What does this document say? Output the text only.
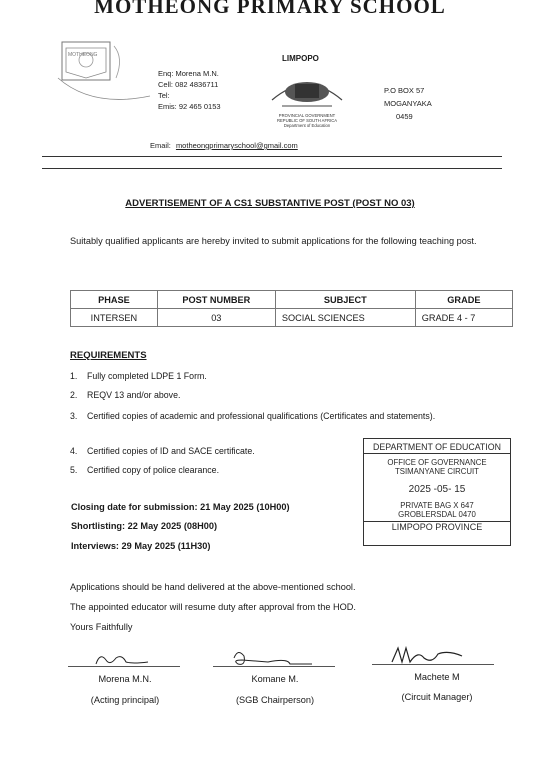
MOTHEONG PRIMARY SCHOOL
MOTHEONG
Enq: Morena M.N.
Cell: 082 4836711
Tel:
Emis: 92 465 0153
LIMPOPO
PROVINCIAL GOVERNMENT
REPUBLIC OF SOUTH AFRICA
Department of Education
P.O BOX 57
MOGANYAKA
0459
Email: motheongprimaryschool@gmail.com
ADVERTISEMENT OF A CS1 SUBSTANTIVE POST (POST NO 03)
Suitably qualified applicants are hereby invited to submit applications for the following teaching post.
PHASE	POST NUMBER	SUBJECT	GRADE
INTERSEN	03	SOCIAL SCIENCES	GRADE 4 - 7
REQUIREMENTS
1. Fully completed LDPE 1 Form.
2. REQV 13 and/or above.
3.	Certified copies of academic and professional qualifications (Certificates and statements).
4. Certified copies of ID and SACE certificate.
5. Certified copy of police clearance.
Closing date for submission: 21 May 2025 (10H00)
Shortlisting: 22 May 2025 (08H00)
Interviews: 29 May 2025 (11H30)
DEPARTMENT OF EDUCATION
OFFICE OF GOVERNANCE
TSIMANYANE CIRCUIT
2025 -05- 15
PRIVATE BAG X 647
GROBLERSDAL 0470
LIMPOPO PROVINCE
Applications should be hand delivered at the above-mentioned school.
The appointed educator will resume duty after approval from the HOD.
Yours Faithfully
Morena M.N.
(Acting principal)
Komane M.
(SGB Chairperson)
Machete M
(Circuit Manager)
